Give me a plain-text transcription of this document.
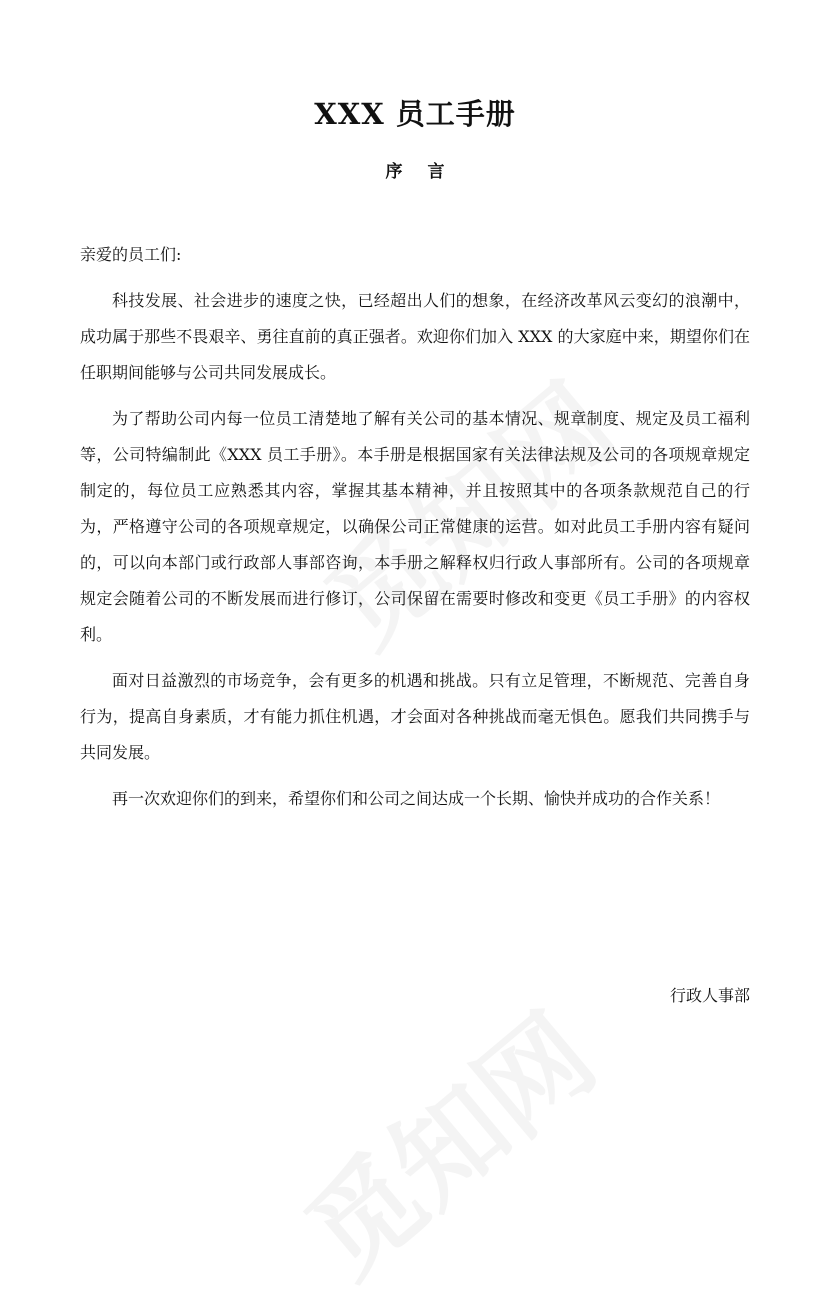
XXX 员工手册
序言
亲爱的员工们:

科技发展、社会进步的速度之快，已经超出人们的想象，在经济改革风云变幻的浪潮中，成功属于那些不畏艰辛、勇往直前的真正强者。欢迎你们加入 XXX 的大家庭中来，期望你们在任职期间能够与公司共同发展成长。

为了帮助公司内每一位员工清楚地了解有关公司的基本情况、规章制度、规定及员工福利等，公司特编制此《XXX 员工手册》。本手册是根据国家有关法律法规及公司的各项规章规定制定的，每位员工应熟悉其内容，掌握其基本精神，并且按照其中的各项条款规范自己的行为，严格遵守公司的各项规章规定，以确保公司正常健康的运营。如对此员工手册内容有疑问的，可以向本部门或行政部人事部咨询，本手册之解释权归行政人事部所有。公司的各项规章规定会随着公司的不断发展而进行修订，公司保留在需要时修改和变更《员工手册》的内容权利。

面对日益激烈的市场竞争，会有更多的机遇和挑战。只有立足管理，不断规范、完善自身行为，提高自身素质，才有能力抓住机遇，才会面对各种挑战而毫无惧色。愿我们共同携手与共同发展。

再一次欢迎你们的到来，希望你们和公司之间达成一个长期、愉快并成功的合作关系！

行政人事部
